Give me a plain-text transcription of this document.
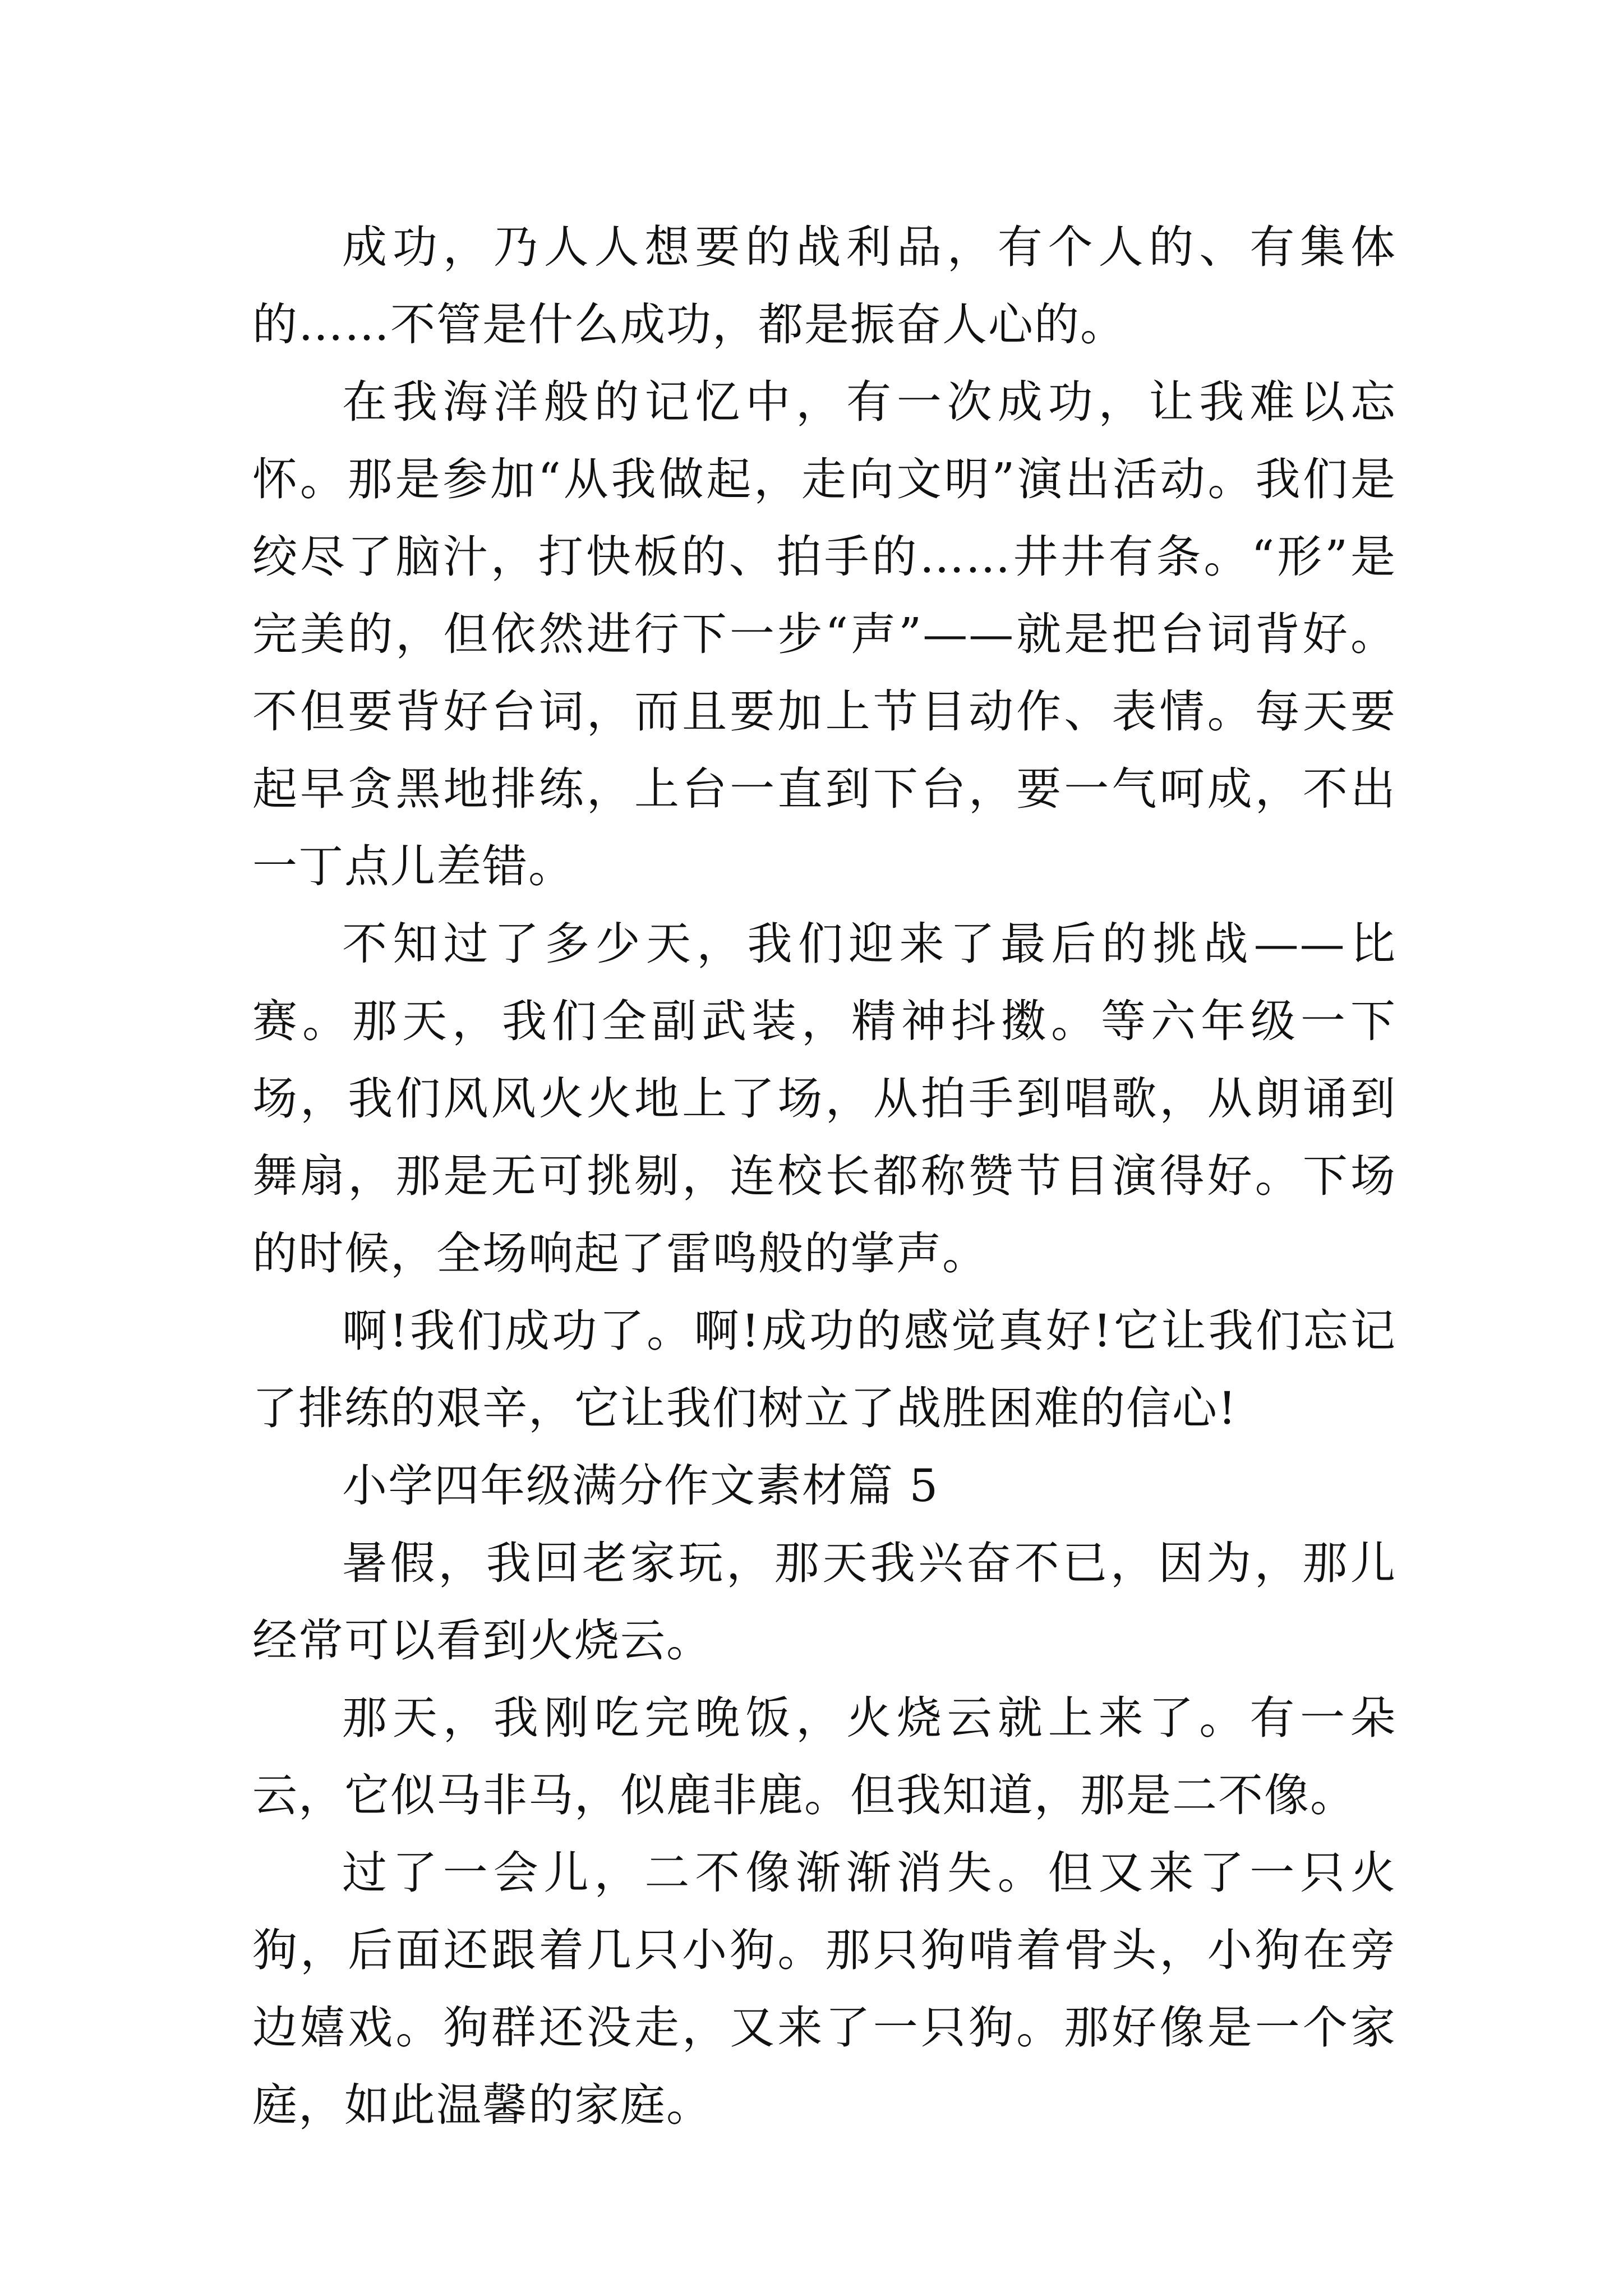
成功，乃人人想要的战利品，有个人的、有集体的……不管是什么成功，都是振奋人心的。

在我海洋般的记忆中，有一次成功，让我难以忘怀。那是参加“从我做起，走向文明”演出活动。我们是绞尽了脑汁，打快板的、拍手的……井井有条。“形”是完美的，但依然进行下一步“声”——就是把台词背好。不但要背好台词，而且要加上节目动作、表情。每天要起早贪黑地排练，上台一直到下台，要一气呵成，不出一丁点儿差错。

不知过了多少天，我们迎来了最后的挑战——比赛。那天，我们全副武装，精神抖擞。等六年级一下场，我们风风火火地上了场，从拍手到唱歌，从朗诵到舞扇，那是无可挑剔，连校长都称赞节目演得好。下场的时候，全场响起了雷鸣般的掌声。

啊!我们成功了。啊!成功的感觉真好!它让我们忘记了排练的艰辛，它让我们树立了战胜困难的信心!

小学四年级满分作文素材篇 5

暑假，我回老家玩，那天我兴奋不已，因为，那儿经常可以看到火烧云。

那天，我刚吃完晚饭，火烧云就上来了。有一朵云，它似马非马，似鹿非鹿。但我知道，那是二不像。

过了一会儿，二不像渐渐消失。但又来了一只火狗，后面还跟着几只小狗。那只狗啃着骨头，小狗在旁边嬉戏。狗群还没走，又来了一只狗。那好像是一个家庭，如此温馨的家庭。
